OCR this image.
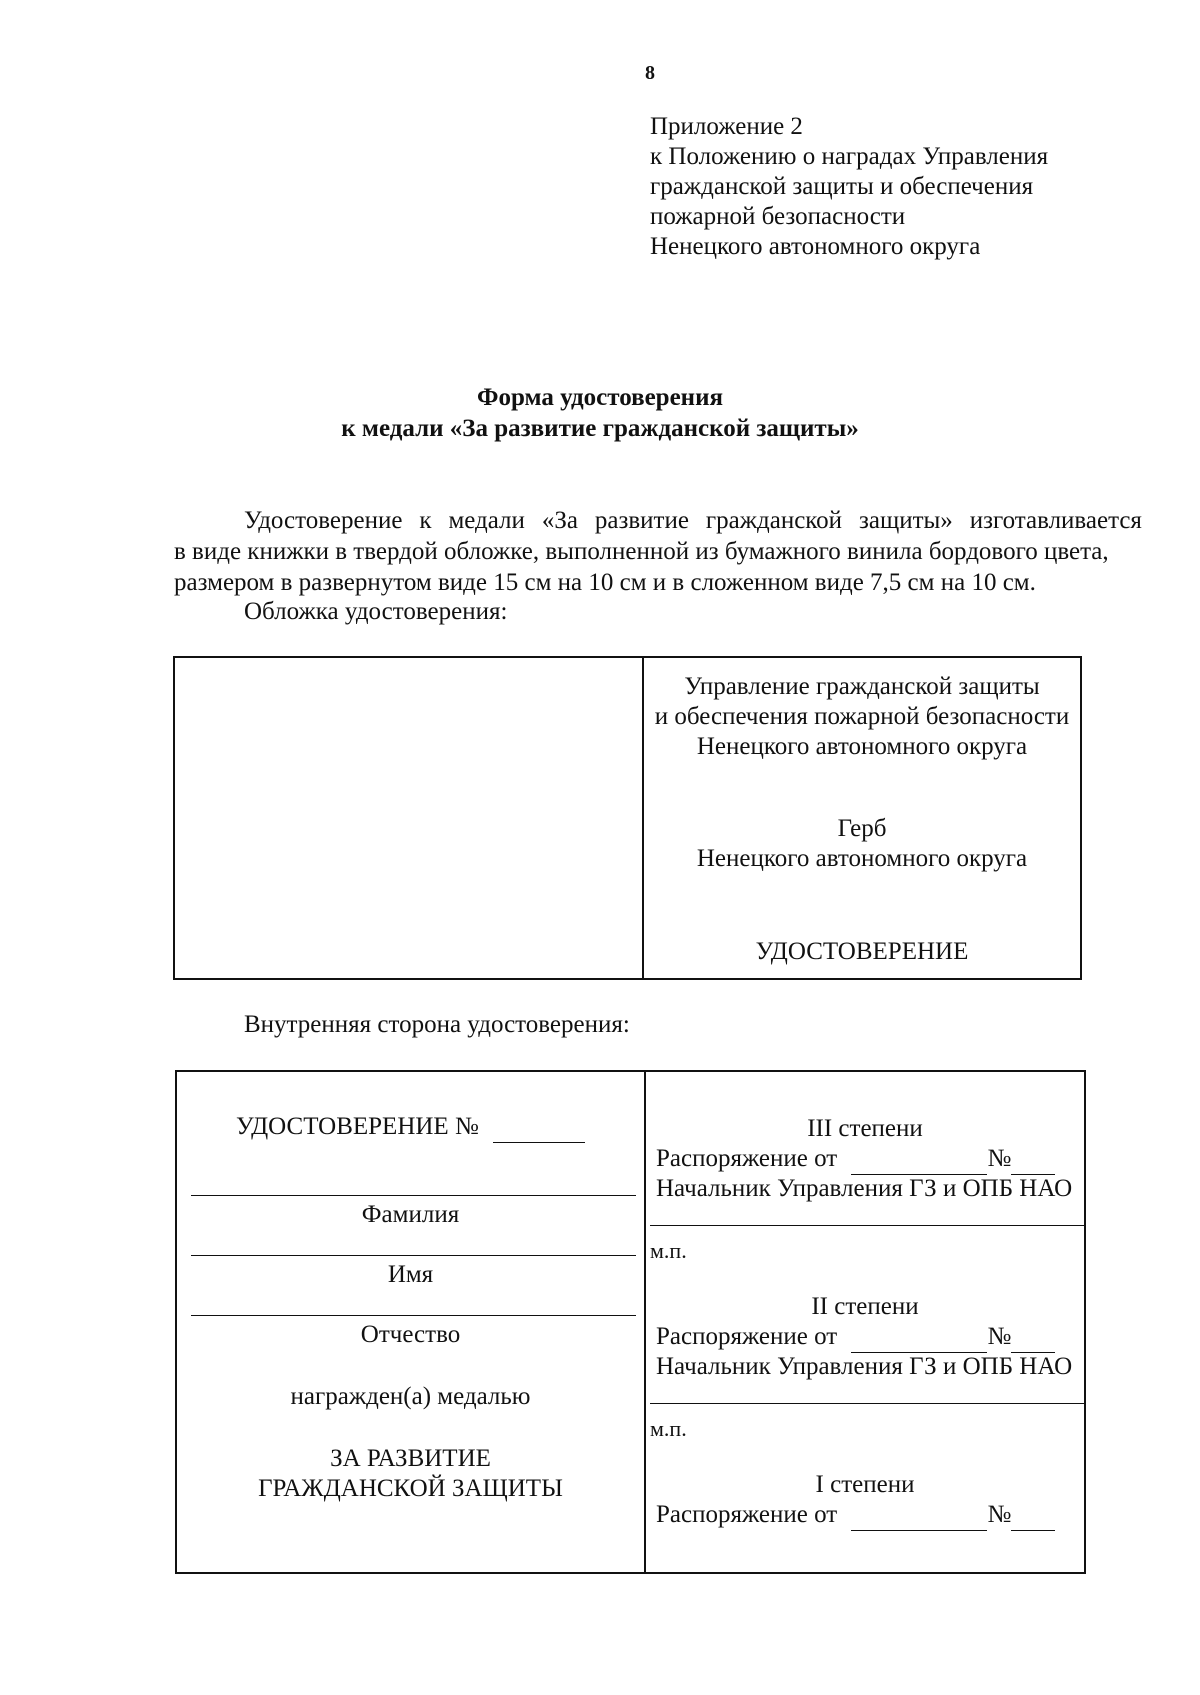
8
Приложение 2
к Положению о наградах Управления
гражданской защиты и обеспечения
пожарной безопасности
Ненецкого автономного округа
Форма удостоверения
к медали «За развитие гражданской защиты»
Удостоверение к медали «За развитие гражданской защиты» изготавливается
в виде книжки в твердой обложке, выполненной из бумажного винила бордового цвета,
размером в развернутом виде 15 см на 10 см и в сложенном виде 7,5 см на 10 см.
Обложка удостоверения:
Управление гражданской защиты
и обеспечения пожарной безопасности
Ненецкого автономного округа
Герб
Ненецкого автономного округа
УДОСТОВЕРЕНИЕ
Внутренняя сторона удостоверения:
УДОСТОВЕРЕНИЕ №
Фамилия
Имя
Отчество
награжден(а) медалью
ЗА РАЗВИТИЕ
ГРАЖДАНСКОЙ ЗАЩИТЫ
III степени
Распоряжение от	№
Начальник Управления ГЗ и ОПБ НАО
м.п.
II степени
Распоряжение от	№
Начальник Управления ГЗ и ОПБ НАО
м.п.
I степени
Распоряжение от	№
